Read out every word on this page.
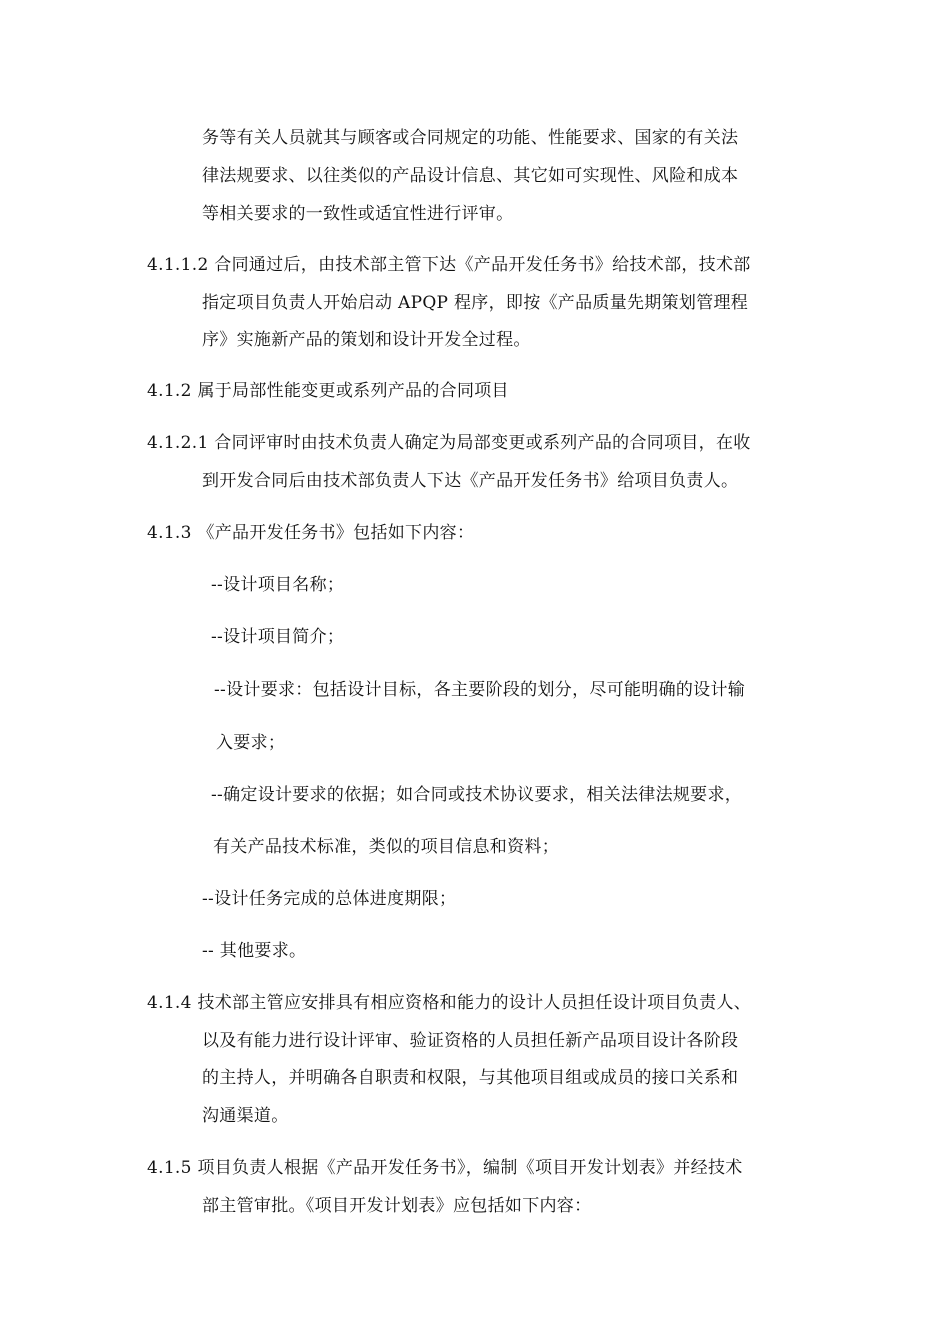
务等有关人员就其与顾客或合同规定的功能、性能要求、国家的有关法
律法规要求、以往类似的产品设计信息、其它如可实现性、风险和成本
等相关要求的一致性或适宜性进行评审。
4.1.1.2 合同通过后，由技术部主管下达《产品开发任务书》给技术部，技术部
指定项目负责人开始启动 APQP 程序，即按《产品质量先期策划管理程
序》实施新产品的策划和设计开发全过程。
4.1.2 属于局部性能变更或系列产品的合同项目
4.1.2.1 合同评审时由技术负责人确定为局部变更或系列产品的合同项目，在收
到开发合同后由技术部负责人下达《产品开发任务书》给项目负责人。
4.1.3 《产品开发任务书》包括如下内容：
--设计项目名称；
--设计项目简介；
--设计要求：包括设计目标，各主要阶段的划分，尽可能明确的设计输
入要求；
--确定设计要求的依据；如合同或技术协议要求，相关法律法规要求，
有关产品技术标准，类似的项目信息和资料；
--设计任务完成的总体进度期限；
-- 其他要求。
4.1.4 技术部主管应安排具有相应资格和能力的设计人员担任设计项目负责人、
以及有能力进行设计评审、验证资格的人员担任新产品项目设计各阶段
的主持人，并明确各自职责和权限，与其他项目组或成员的接口关系和
沟通渠道。
4.1.5 项目负责人根据《产品开发任务书》，编制《项目开发计划表》并经技术
部主管审批。《项目开发计划表》应包括如下内容：
